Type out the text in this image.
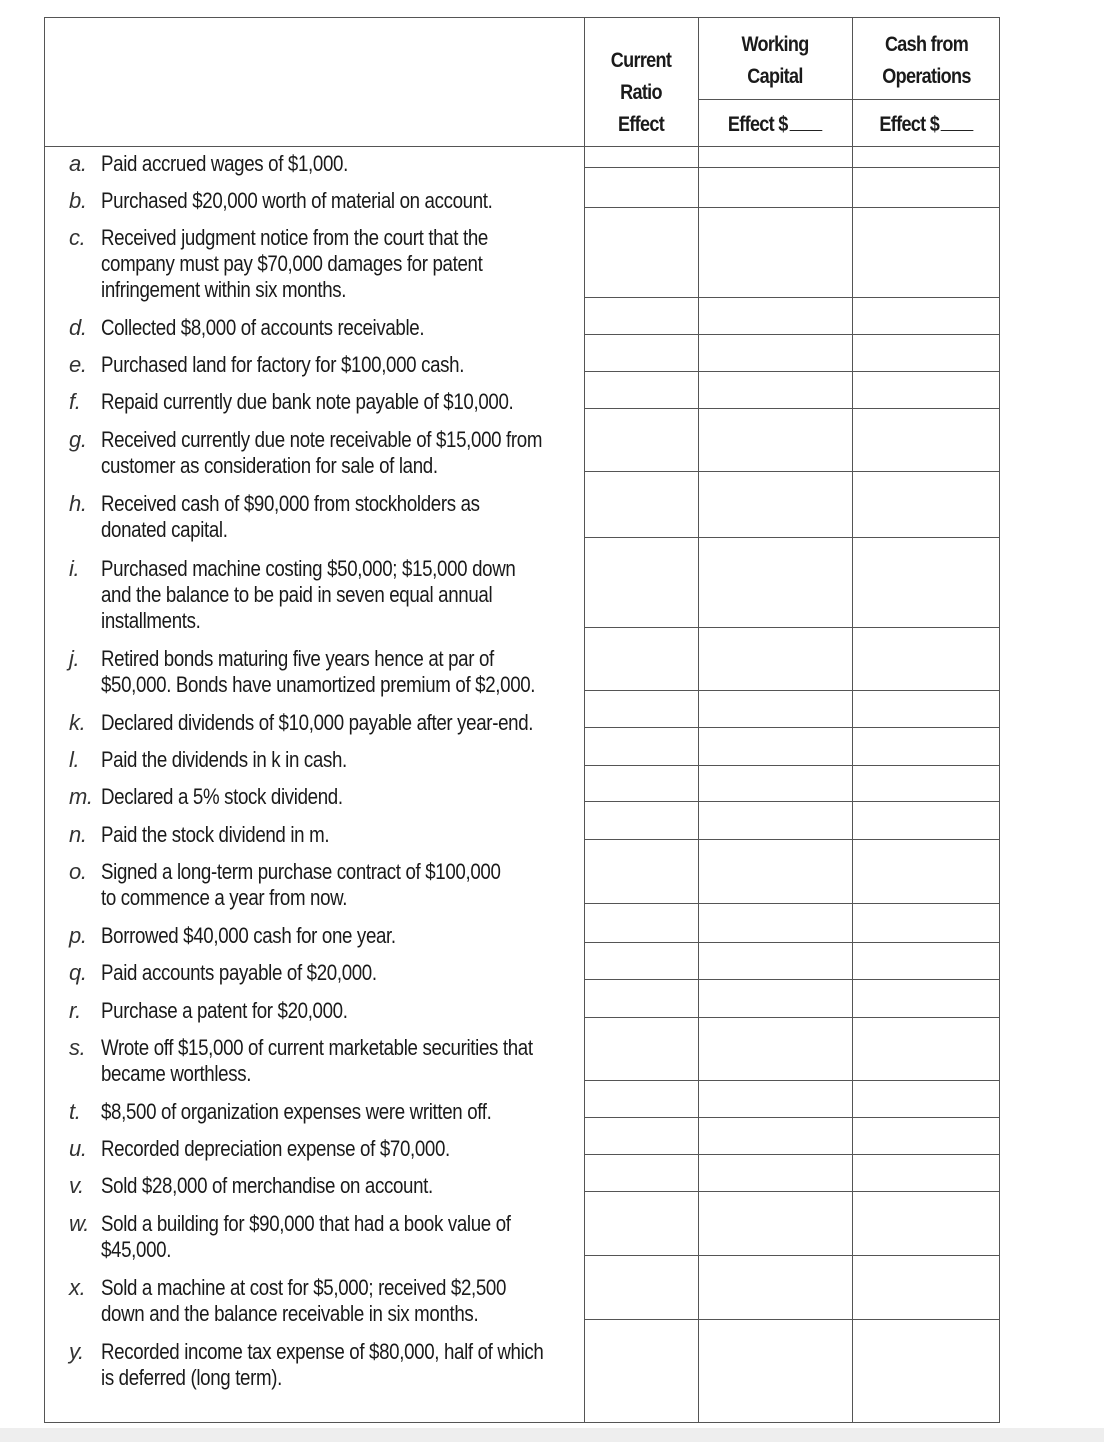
Current
Ratio
Effect
Working
Capital
Effect $
Cash from
Operations
Effect $
a. Paid accrued wages of $1,000.
b. Purchased $20,000 worth of material on account.
c. Received judgment notice from the court that the
company must pay $70,000 damages for patent
infringement within six months.
d. Collected $8,000 of accounts receivable.
e. Purchased land for factory for $100,000 cash.
f. Repaid currently due bank note payable of $10,000.
g. Received currently due note receivable of $15,000 from
customer as consideration for sale of land.
h. Received cash of $90,000 from stockholders as
donated capital.
i. Purchased machine costing $50,000; $15,000 down
and the balance to be paid in seven equal annual
installments.
j. Retired bonds maturing five years hence at par of
$50,000. Bonds have unamortized premium of $2,000.
k. Declared dividends of $10,000 payable after year-end.
l. Paid the dividends in k in cash.
m. Declared a 5% stock dividend.
n. Paid the stock dividend in m.
o. Signed a long-term purchase contract of $100,000
to commence a year from now.
p. Borrowed $40,000 cash for one year.
q. Paid accounts payable of $20,000.
r. Purchase a patent for $20,000.
s. Wrote off $15,000 of current marketable securities that
became worthless.
t. $8,500 of organization expenses were written off.
u. Recorded depreciation expense of $70,000.
v. Sold $28,000 of merchandise on account.
w. Sold a building for $90,000 that had a book value of
$45,000.
x. Sold a machine at cost for $5,000; received $2,500
down and the balance receivable in six months.
y. Recorded income tax expense of $80,000, half of which
is deferred (long term).
